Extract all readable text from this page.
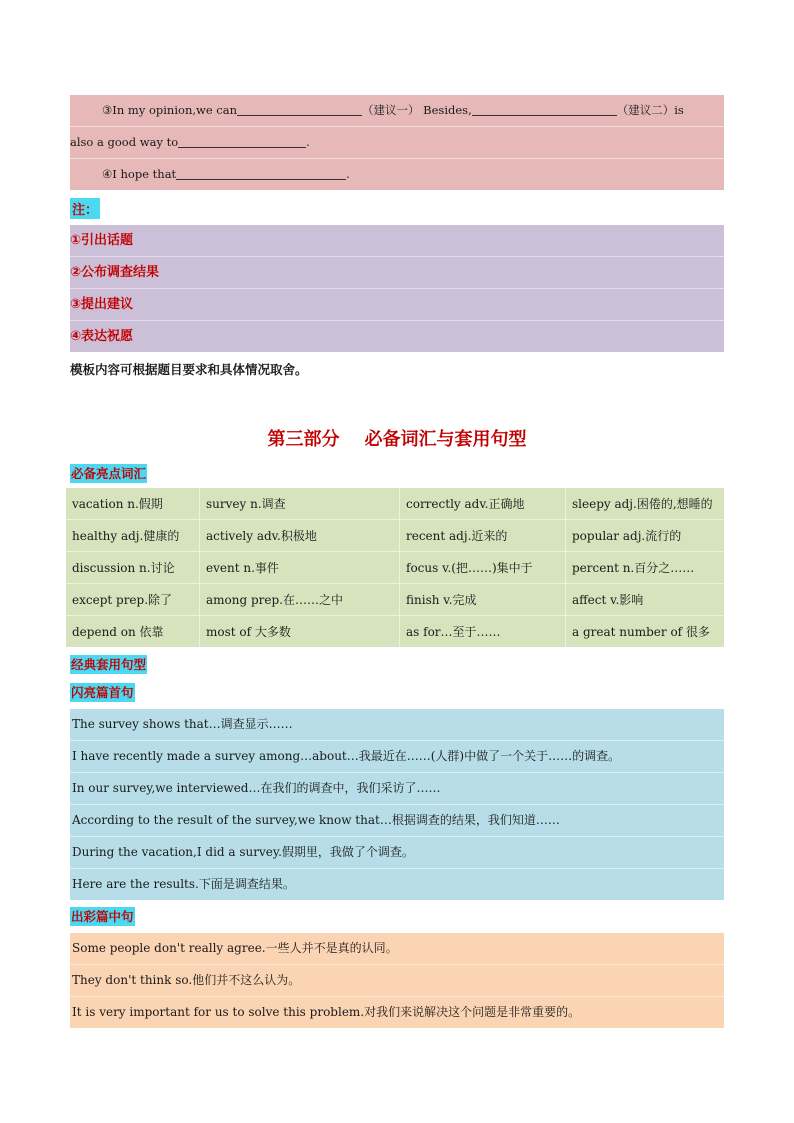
③In my opinion,we can	（建议一） Besides,	（建议二）is
also a good way to	.
④I hope that	.
注：
①引出话题
②公布调查结果
③提出建议
④表达祝愿
模板内容可根据题目要求和具体情况取舍。
第三部分    必备词汇与套用句型
必备亮点词汇
vacation n.假期	survey n.调查	correctly adv.正确地	sleepy adj.困倦的,想睡的
healthy adj.健康的	actively adv.积极地	recent adj.近来的	popular adj.流行的
discussion n.讨论	event n.事件	focus v.(把……)集中于	percent n.百分之……
except prep.除了	among prep.在……之中	finish v.完成	affect v.影响
depend on 依靠	most of 大多数	as for…至于……	a great number of 很多
经典套用句型
闪亮篇首句
The survey shows that…调查显示……
I have recently made a survey among…about…我最近在……(人群)中做了一个关于……的调查。
In our survey,we interviewed…在我们的调查中，我们采访了……
According to the result of the survey,we know that…根据调查的结果，我们知道……
During the vacation,I did a survey.假期里，我做了个调查。
Here are the results.下面是调查结果。
出彩篇中句
Some people don't really agree.一些人并不是真的认同。
They don't think so.他们并不这么认为。
It is very important for us to solve this problem.对我们来说解决这个问题是非常重要的。
